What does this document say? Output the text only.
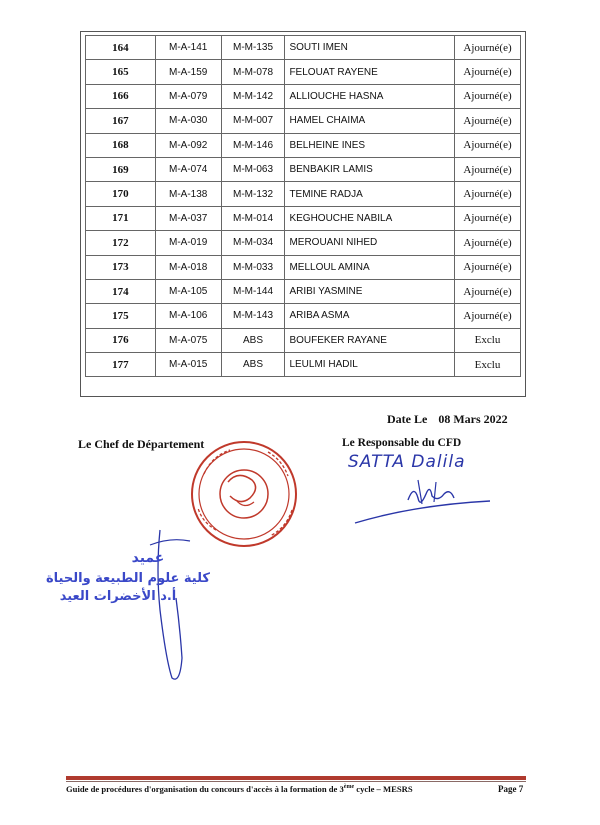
164	M-A-141	M-M-135	SOUTI IMEN	Ajourné(e)
165	M-A-159	M-M-078	FELOUAT RAYENE	Ajourné(e)
166	M-A-079	M-M-142	ALLIOUCHE HASNA	Ajourné(e)
167	M-A-030	M-M-007	HAMEL CHAIMA	Ajourné(e)
168	M-A-092	M-M-146	BELHEINE INES	Ajourné(e)
169	M-A-074	M-M-063	BENBAKIR LAMIS	Ajourné(e)
170	M-A-138	M-M-132	TEMINE RADJA	Ajourné(e)
171	M-A-037	M-M-014	KEGHOUCHE NABILA	Ajourné(e)
172	M-A-019	M-M-034	MEROUANI NIHED	Ajourné(e)
173	M-A-018	M-M-033	MELLOUL AMINA	Ajourné(e)
174	M-A-105	M-M-144	ARIBI YASMINE	Ajourné(e)
175	M-A-106	M-M-143	ARIBA ASMA	Ajourné(e)
176	M-A-075	ABS	BOUFEKER RAYANE	Exclu
177	M-A-015	ABS	LEULMI HADIL	Exclu
Date Le 08 Mars 2022
Le Chef de Département	Le Responsable du CFD
SATTA Dalila
عميد
كلية علوم الطبيعة والحياة
أ.د الأخضرات العيد
Guide de procédures d'organisation du concours d'accès à la formation de 3ème cycle – MESRS	Page 7
